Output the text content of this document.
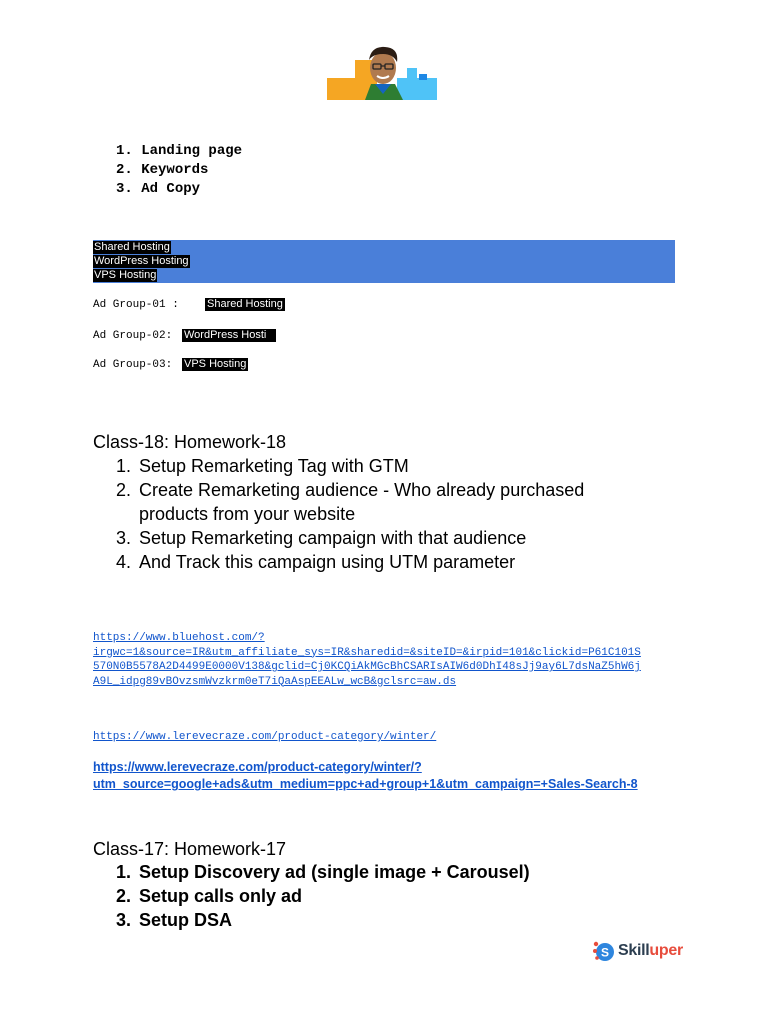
1. Landing page
2. Keywords
3. Ad Copy
Shared Hosting
WordPress Hosting
VPS Hosting
Ad Group-01 :	Shared Hosting
Ad Group-02: WordPress Hosti
Ad Group-03: VPS Hosting
Class-18: Homework-18
1. Setup Remarketing Tag with GTM
2. Create Remarketing audience - Who already purchased
products from your website
3. Setup Remarketing campaign with that audience
4. And Track this campaign using UTM parameter
https://www.bluehost.com/?
irgwc=1&source=IR&utm_affiliate_sys=IR&sharedid=&siteID=&irpid=101&clickid=P61C101S
570N0B5578A2D4499E0000V138&gclid=Cj0KCQiAkMGcBhCSARIsAIW6d0DhI48sJj9ay6L7dsNaZ5hW6j
A9L_idpg89vBOvzsmWvzkrm0eT7iQaAspEEALw_wcB&gclsrc=aw.ds
https://www.lerevecraze.com/product-category/winter/
https://www.lerevecraze.com/product-category/winter/?
utm_source=google+ads&utm_medium=ppc+ad+group+1&utm_campaign=+Sales-Search-8
Class-17: Homework-17
1. Setup Discovery ad (single image + Carousel)
2. Setup calls only ad
3. Setup DSA
S Skilluper
